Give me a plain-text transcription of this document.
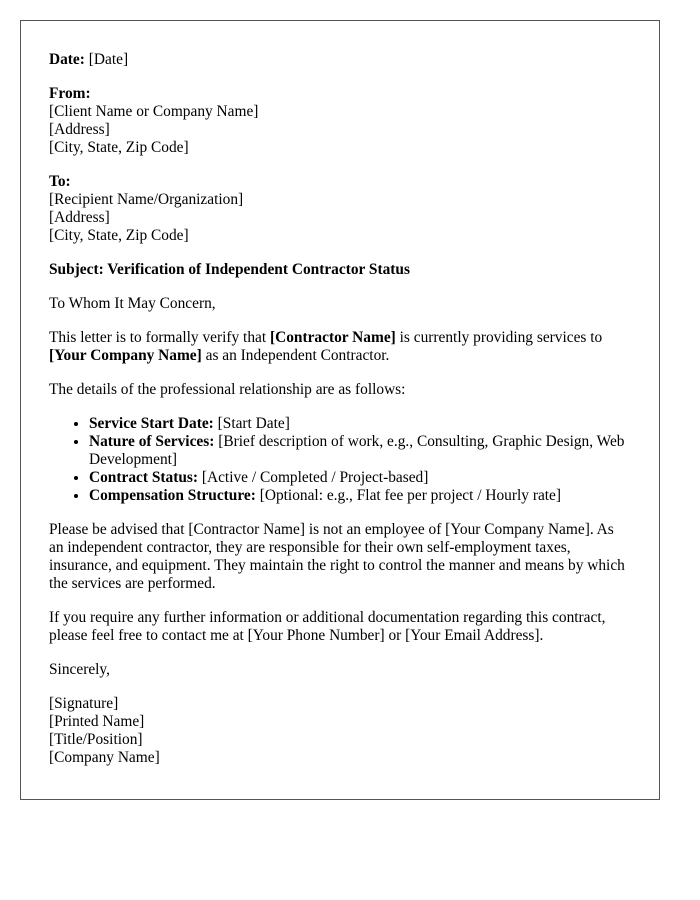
Date: [Date]
From:
[Client Name or Company Name]
[Address]
[City, State, Zip Code]
To:
[Recipient Name/Organization]
[Address]
[City, State, Zip Code]

Subject: Verification of Independent Contractor Status

To Whom It May Concern,

This letter is to formally verify that [Contractor Name] is currently providing services to [Your Company Name] as an Independent Contractor.

The details of the professional relationship are as follows:

• Service Start Date: [Start Date]
• Nature of Services: [Brief description of work, e.g., Consulting, Graphic Design, Web Development]
• Contract Status: [Active / Completed / Project-based]
• Compensation Structure: [Optional: e.g., Flat fee per project / Hourly rate]

Please be advised that [Contractor Name] is not an employee of [Your Company Name]. As an independent contractor, they are responsible for their own self-employment taxes, insurance, and equipment. They maintain the right to control the manner and means by which the services are performed.

If you require any further information or additional documentation regarding this contract, please feel free to contact me at [Your Phone Number] or [Your Email Address].

Sincerely,

[Signature]
[Printed Name]
[Title/Position]
[Company Name]
